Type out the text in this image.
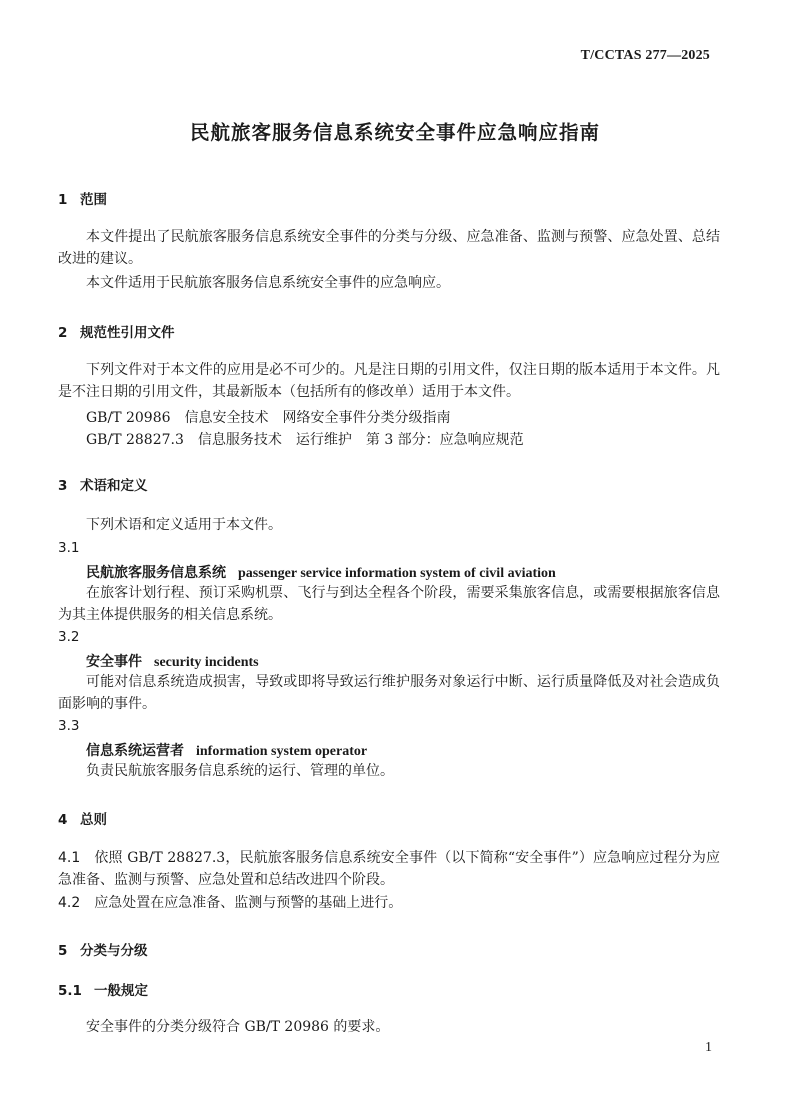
T/CCTAS 277—2025
民航旅客服务信息系统安全事件应急响应指南
1 范围
本文件提出了民航旅客服务信息系统安全事件的分类与分级、应急准备、监测与预警、应急处置、总结改进的建议。
本文件适用于民航旅客服务信息系统安全事件的应急响应。
2 规范性引用文件
下列文件对于本文件的应用是必不可少的。凡是注日期的引用文件，仅注日期的版本适用于本文件。凡是不注日期的引用文件，其最新版本（包括所有的修改单）适用于本文件。
GB/T 20986　信息安全技术　网络安全事件分类分级指南
GB/T 28827.3　信息服务技术　运行维护　第 3 部分：应急响应规范
3 术语和定义
下列术语和定义适用于本文件。
3.1
民航旅客服务信息系统 passenger service information system of civil aviation
在旅客计划行程、预订采购机票、飞行与到达全程各个阶段，需要采集旅客信息，或需要根据旅客信息为其主体提供服务的相关信息系统。
3.2
安全事件 security incidents
可能对信息系统造成损害，导致或即将导致运行维护服务对象运行中断、运行质量降低及对社会造成负面影响的事件。
3.3
信息系统运营者 information system operator
负责民航旅客服务信息系统的运行、管理的单位。
4 总则
4.1 依照 GB/T 28827.3，民航旅客服务信息系统安全事件（以下简称“安全事件”）应急响应过程分为应急准备、监测与预警、应急处置和总结改进四个阶段。
4.2 应急处置在应急准备、监测与预警的基础上进行。
5 分类与分级
5.1 一般规定
安全事件的分类分级符合 GB/T 20986 的要求。
1
